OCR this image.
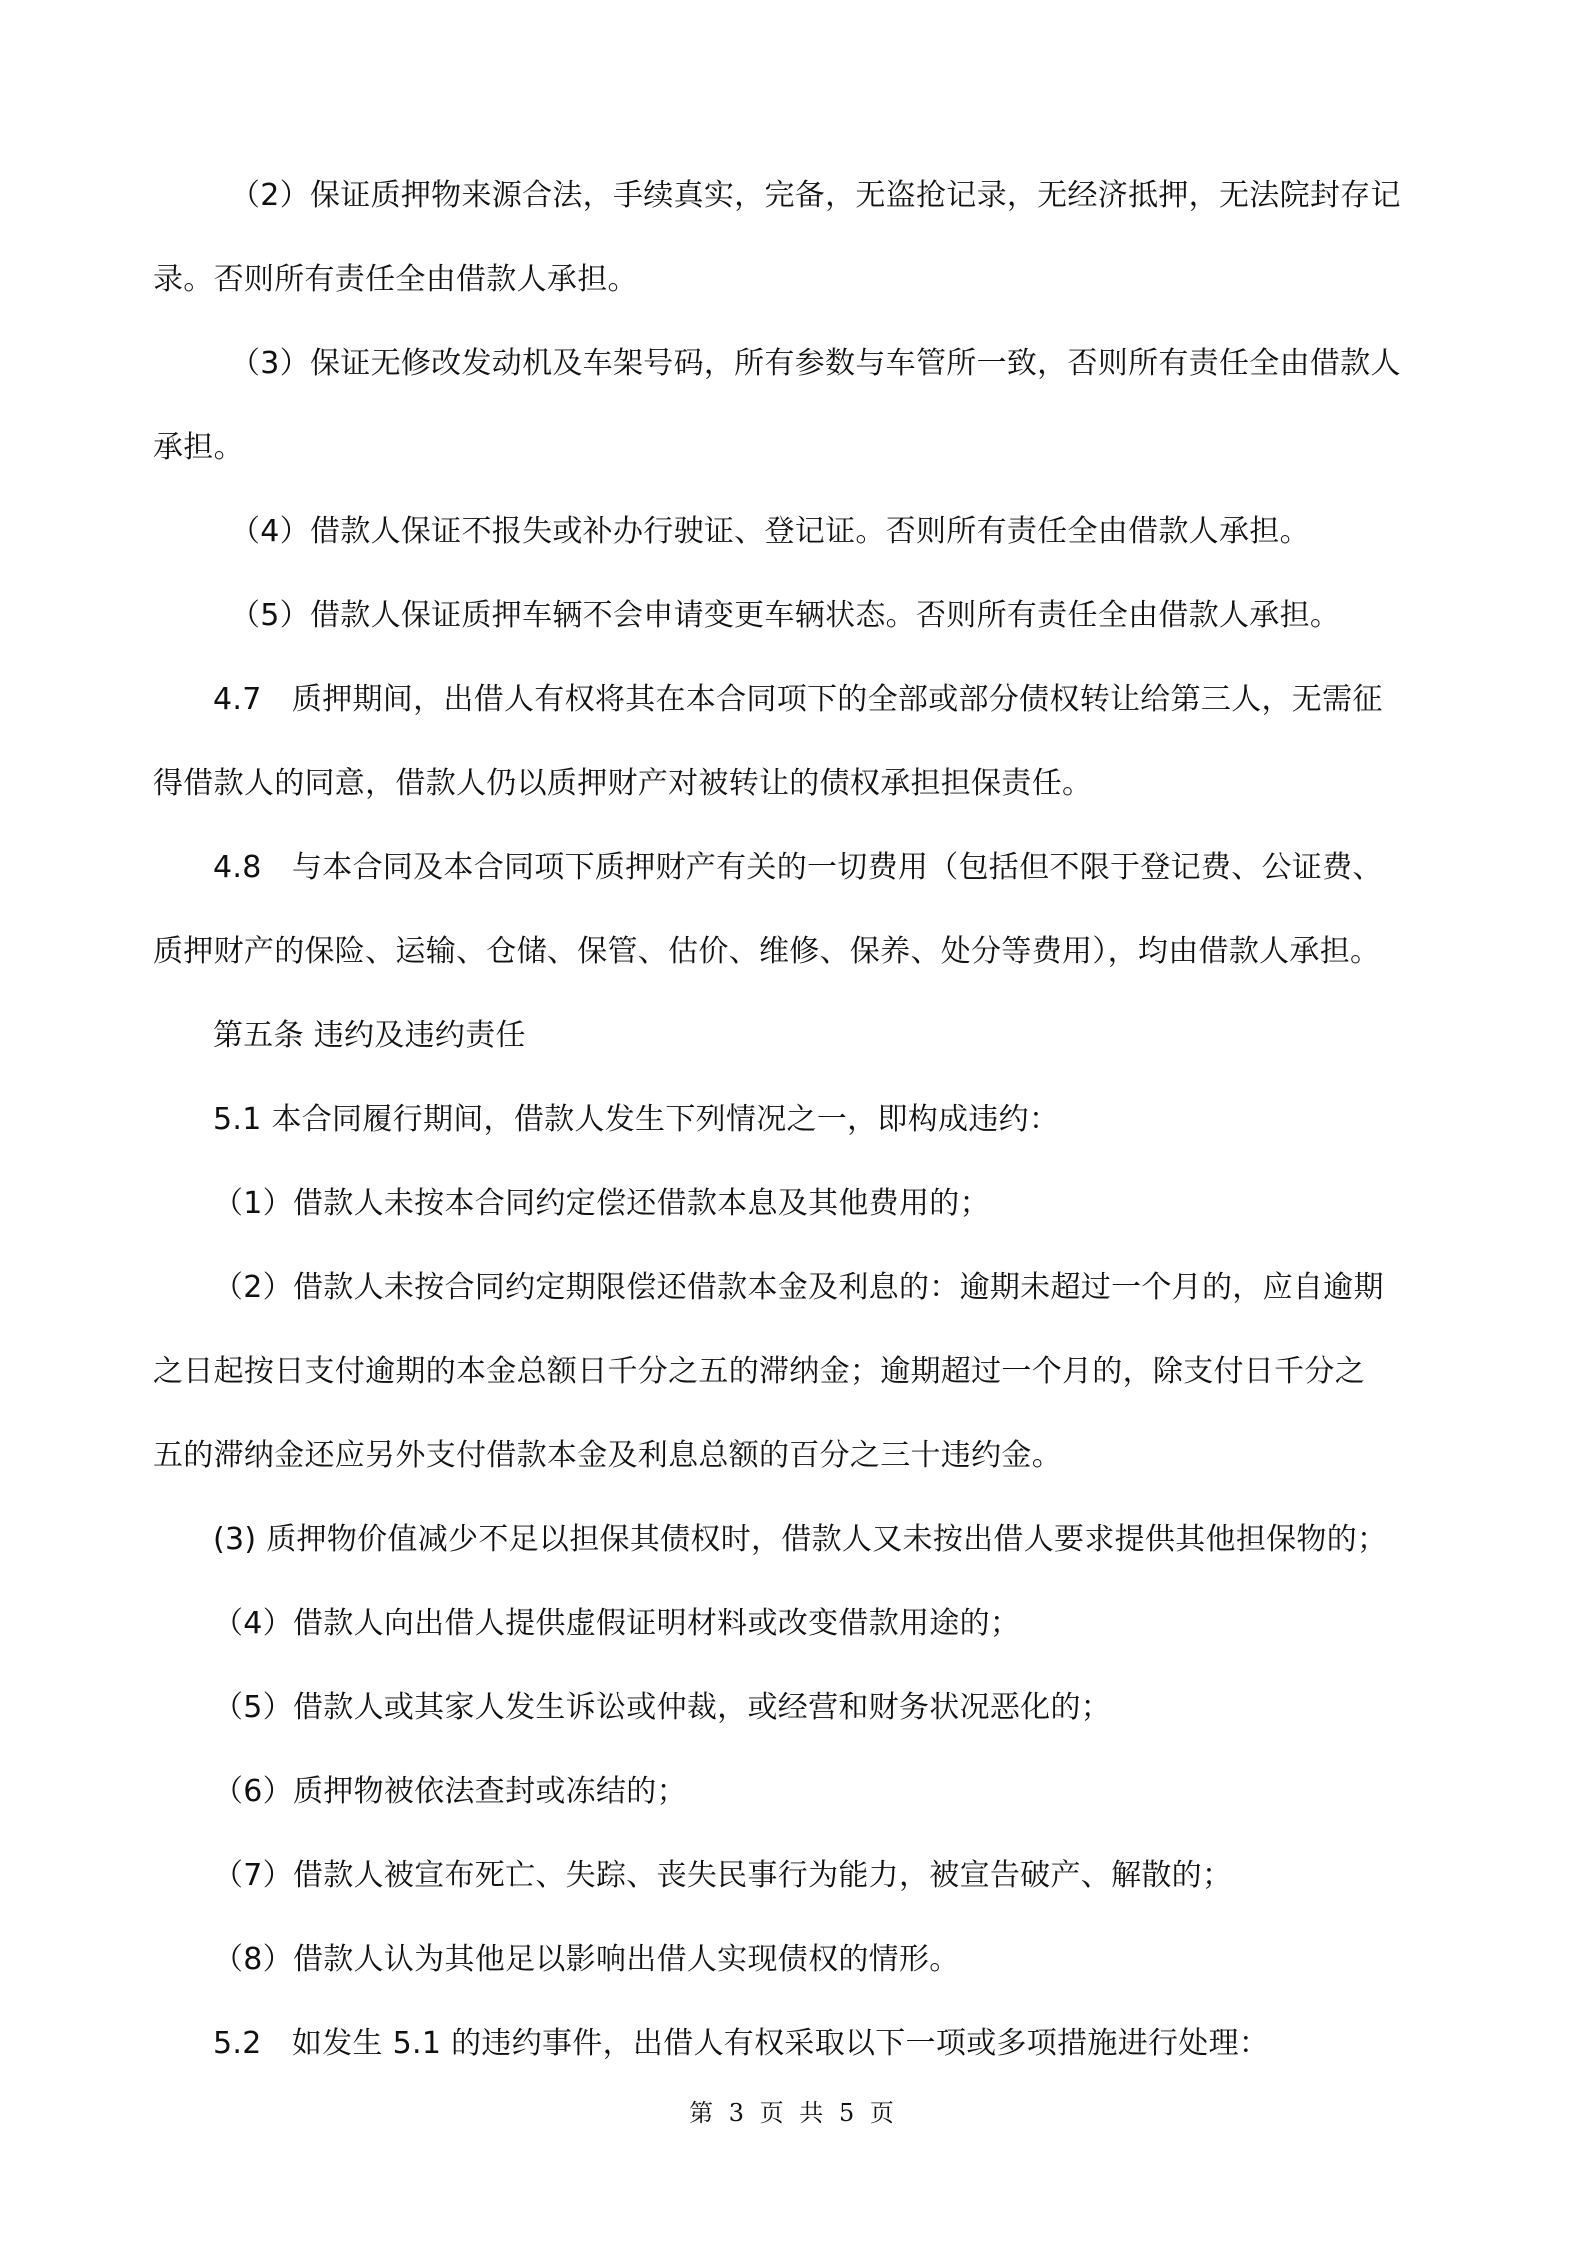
（2）保证质押物来源合法，手续真实，完备，无盗抢记录，无经济抵押，无法院封存记
录。否则所有责任全由借款人承担。
（3）保证无修改发动机及车架号码，所有参数与车管所一致，否则所有责任全由借款人
承担。
（4）借款人保证不报失或补办行驶证、登记证。否则所有责任全由借款人承担。
（5）借款人保证质押车辆不会申请变更车辆状态。否则所有责任全由借款人承担。
4.7　质押期间，出借人有权将其在本合同项下的全部或部分债权转让给第三人，无需征
得借款人的同意，借款人仍以质押财产对被转让的债权承担担保责任。
4.8　与本合同及本合同项下质押财产有关的一切费用（包括但不限于登记费、公证费、
质押财产的保险、运输、仓储、保管、估价、维修、保养、处分等费用），均由借款人承担。
第五条 违约及违约责任
5.1 本合同履行期间，借款人发生下列情况之一，即构成违约：
（1）借款人未按本合同约定偿还借款本息及其他费用的；
（2）借款人未按合同约定期限偿还借款本金及利息的：逾期未超过一个月的，应自逾期
之日起按日支付逾期的本金总额日千分之五的滞纳金；逾期超过一个月的，除支付日千分之
五的滞纳金还应另外支付借款本金及利息总额的百分之三十违约金。
(3) 质押物价值减少不足以担保其债权时，借款人又未按出借人要求提供其他担保物的；
（4）借款人向出借人提供虚假证明材料或改变借款用途的；
（5）借款人或其家人发生诉讼或仲裁，或经营和财务状况恶化的；
（6）质押物被依法查封或冻结的；
（7）借款人被宣布死亡、失踪、丧失民事行为能力，被宣告破产、解散的；
（8）借款人认为其他足以影响出借人实现债权的情形。
5.2　如发生 5.1 的违约事件，出借人有权采取以下一项或多项措施进行处理：
第 3 页 共 5 页
